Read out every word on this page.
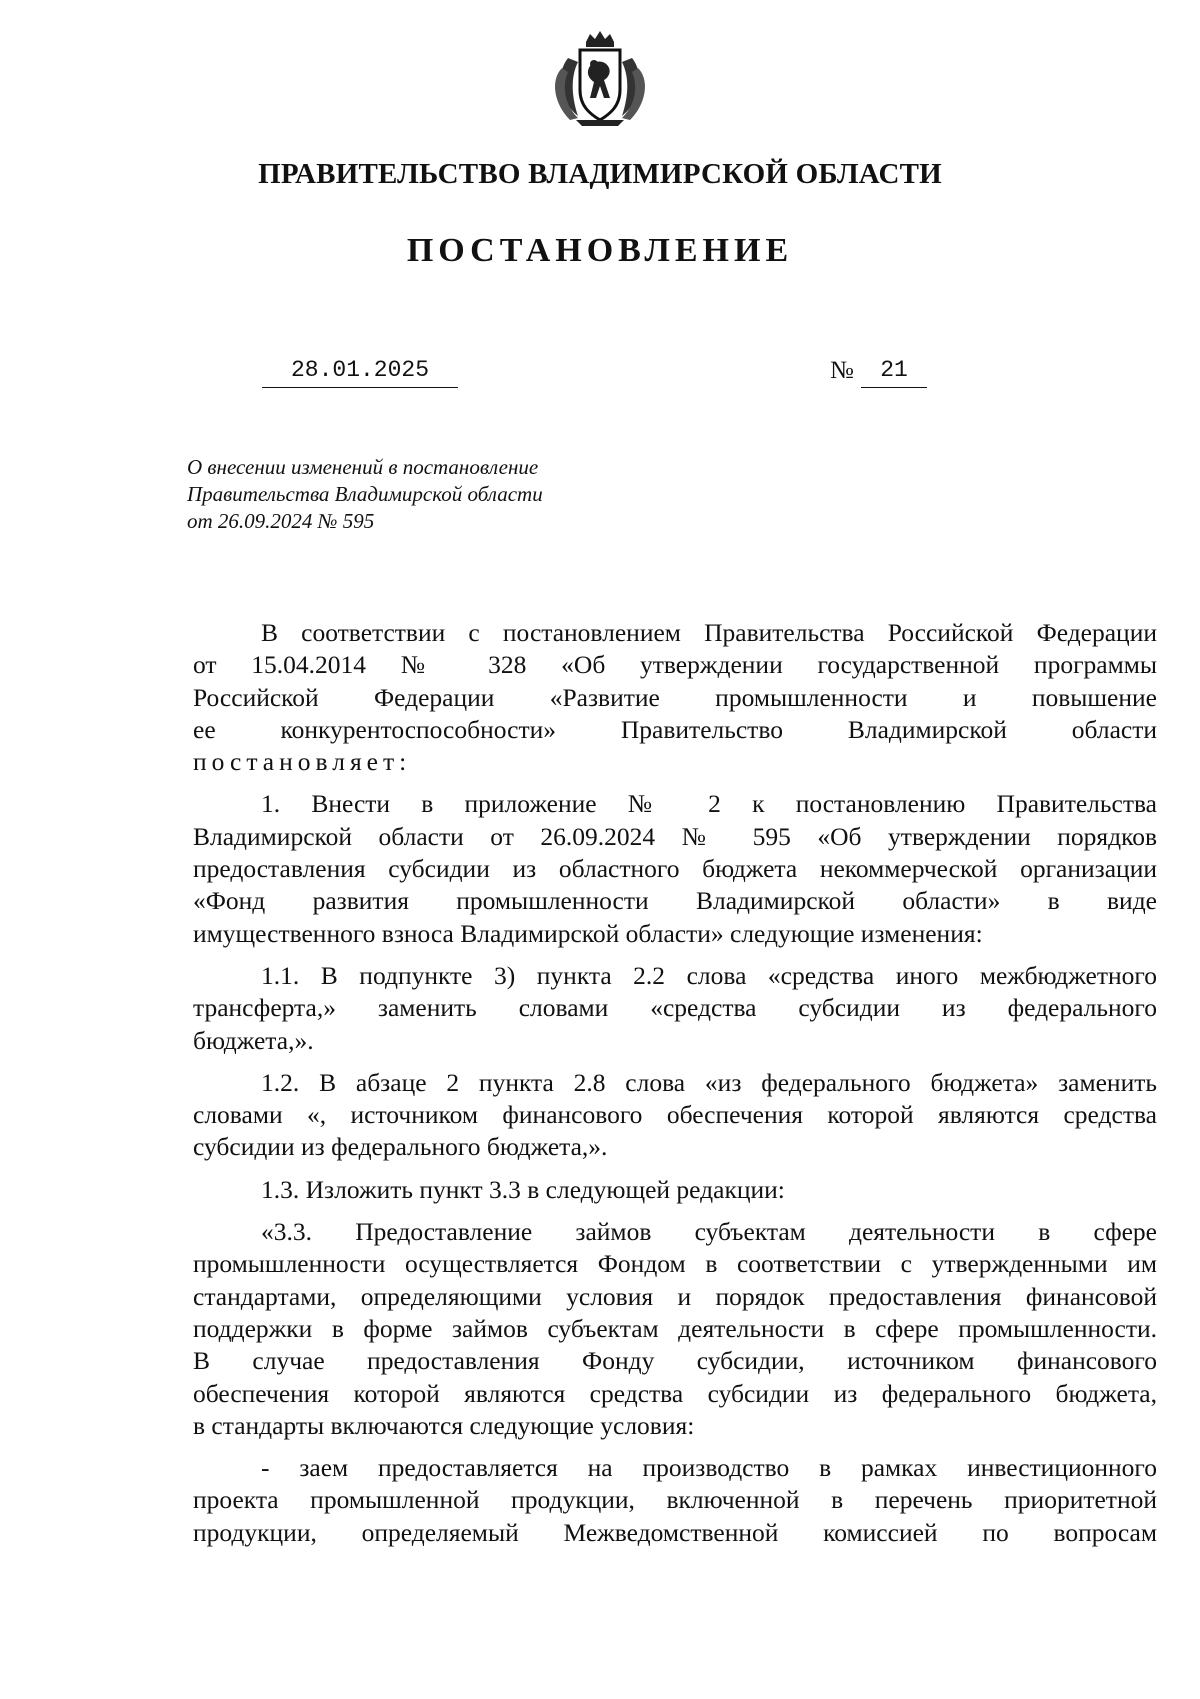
ПРАВИТЕЛЬСТВО ВЛАДИМИРСКОЙ ОБЛАСТИ
ПОСТАНОВЛЕНИЕ
28.01.2025	№	21
О внесении изменений в постановление
Правительства Владимирской области
от 26.09.2024 № 595
В соответствии с постановлением Правительства Российской Федерации
от 15.04.2014 № 328 «Об утверждении государственной программы
Российской Федерации «Развитие промышленности и повышение
ее конкурентоспособности» Правительство Владимирской области
постановляет:
1. Внести в приложение № 2 к постановлению Правительства
Владимирской области от 26.09.2024 № 595 «Об утверждении порядков
предоставления субсидии из областного бюджета некоммерческой организации
«Фонд развития промышленности Владимирской области» в виде
имущественного взноса Владимирской области» следующие изменения:
1.1. В подпункте 3) пункта 2.2 слова «средства иного межбюджетного
трансферта,» заменить словами «средства субсидии из федерального
бюджета,».
1.2. В абзаце 2 пункта 2.8 слова «из федерального бюджета» заменить
словами «, источником финансового обеспечения которой являются средства
субсидии из федерального бюджета,».
1.3. Изложить пункт 3.3 в следующей редакции:
«3.3. Предоставление займов субъектам деятельности в сфере
промышленности осуществляется Фондом в соответствии с утвержденными им
стандартами, определяющими условия и порядок предоставления финансовой
поддержки в форме займов субъектам деятельности в сфере промышленности.
В случае предоставления Фонду субсидии, источником финансового
обеспечения которой являются средства субсидии из федерального бюджета,
в стандарты включаются следующие условия:
- заем предоставляется на производство в рамках инвестиционного
проекта промышленной продукции, включенной в перечень приоритетной
продукции, определяемый Межведомственной комиссией по вопросам
